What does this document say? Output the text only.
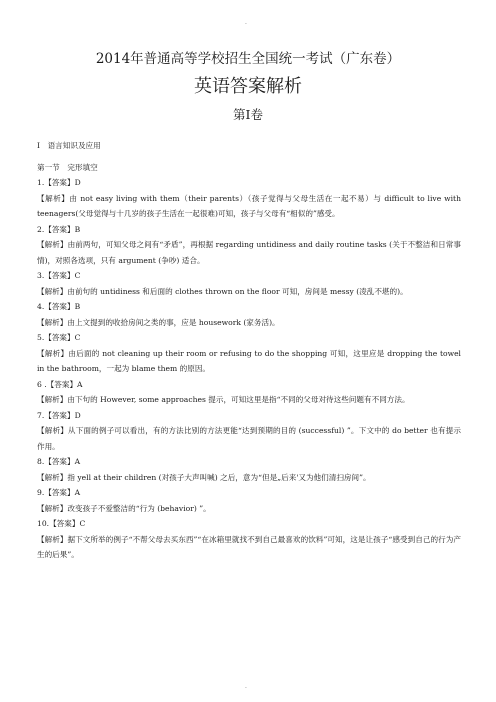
.
2014年普通高等学校招生全国统一考试（广东卷）
英语答案解析
第Ⅰ卷

Ⅰ　语言知识及应用

第一节　完形填空

1.【答案】D

【解析】由 not easy living with them（their parents）（孩子觉得与父母生活在一起不易）与 difficult to live with teenagers(父母觉得与十几岁的孩子生活在一起很难)可知，孩子与父母有“相似的”感受。

2.【答案】B

【解析】由前两句，可知父母之间有“矛盾”，再根据 regarding untidiness and daily routine tasks (关于不整洁和日常事情)，对照各选项，只有 argument (争吵) 适合。

3.【答案】C

【解析】由前句的 untidiness 和后面的 clothes thrown on the floor 可知，房间是 messy (凌乱不堪的)。

4.【答案】B

【解析】由上文提到的收拾房间之类的事，应是 housework (家务活)。

5.【答案】C

【解析】由后面的 not cleaning up their room or refusing to do the shopping 可知，这里应是 dropping the towel in the bathroom，一起为 blame them 的原因。

6 .【答案】A

【解析】由下句的 However, some approaches 提示，可知这里是指“不同的父母对待这些问题有不同方法。

7.【答案】D

【解析】从下面的例子可以看出，有的方法比别的方法更能“达到预期的目的 (successful) ”。下文中的 do better 也有提示作用。

8.【答案】A

【解析】指 yell at their children (对孩子大声叫喊) 之后，意为“但是„后来'又为他们清扫房间”。

9.【答案】A

【解析】改变孩子不爱整洁的“行为 (behavior) ”。

10.【答案】C

【解析】据下文所举的例子“不帮父母去买东西”“在冰箱里就找不到自己最喜欢的饮料”可知，这是让孩子“感受到自己的行为产生的后果”。

.
